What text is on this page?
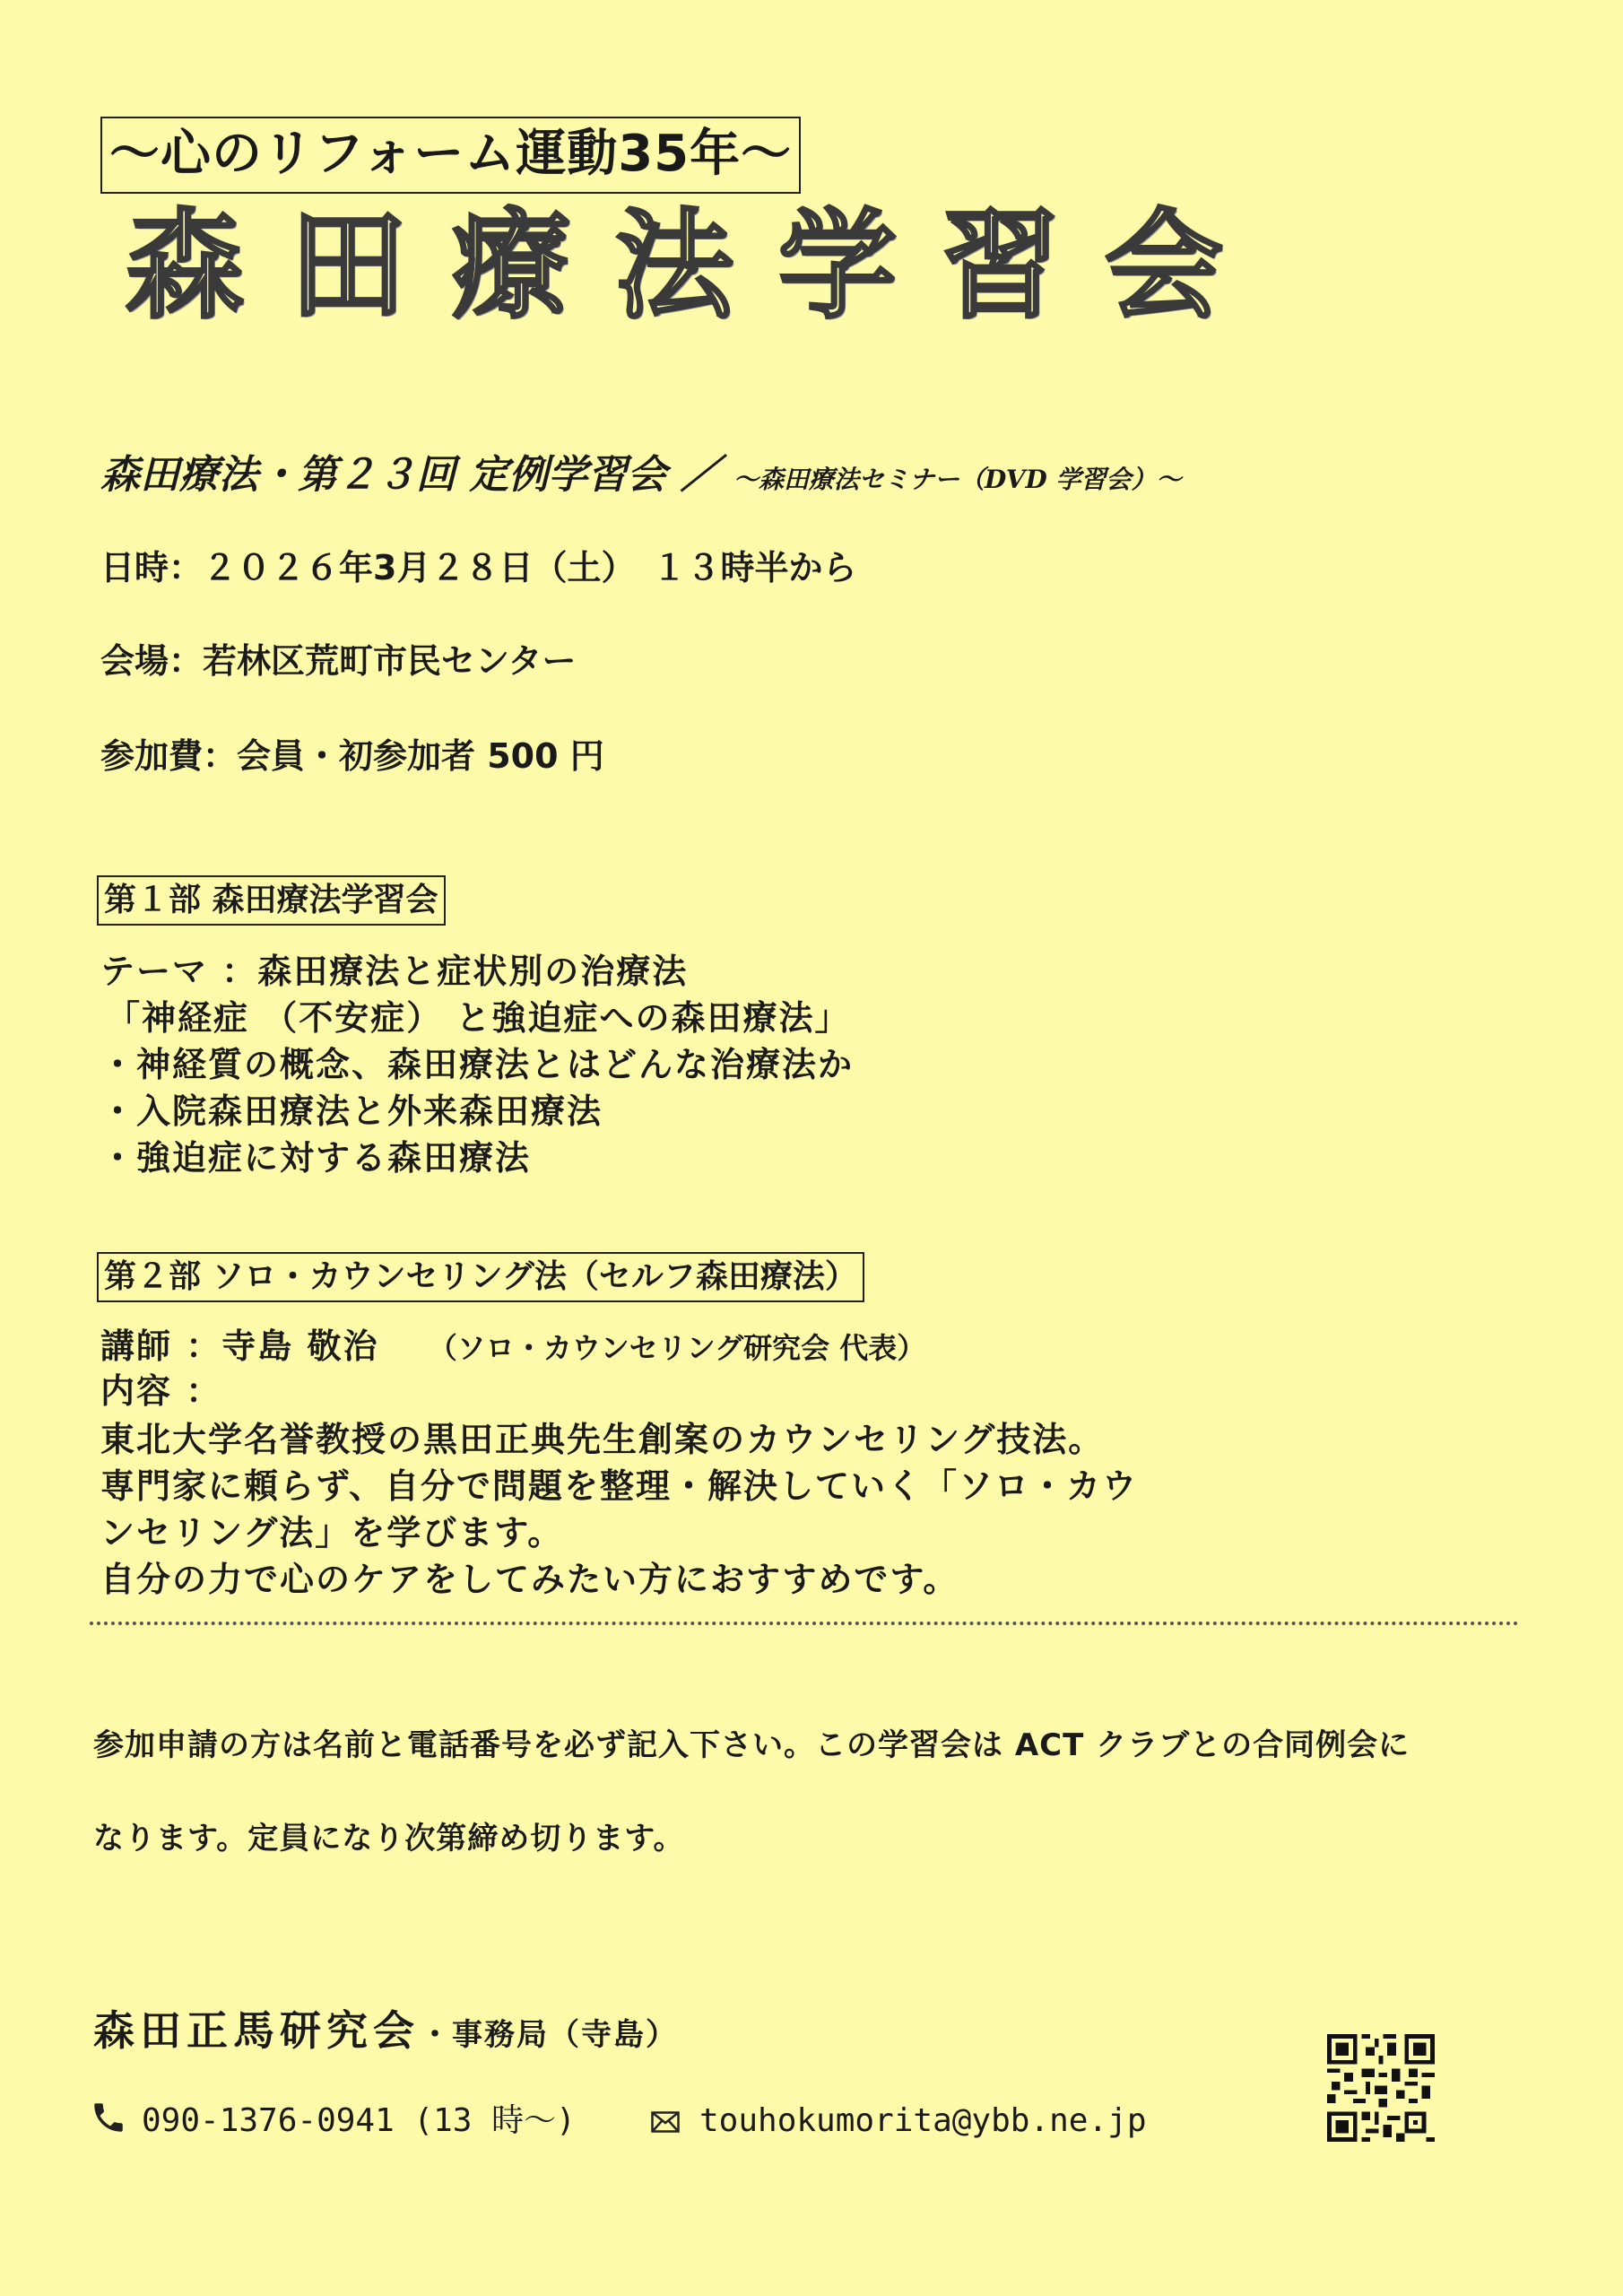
～心のリフォーム運動35年～
森田療法学習会
森田療法・第２３回 定例学習会 ／ ～森田療法セミナー（DVD 学習会）～
日時：２０２６年3月２８日（土）　１３時半から
会場：若林区荒町市民センター
参加費：会員・初参加者 500 円
第１部 森田療法学習会
テーマ ：森田療法と症状別の治療法
「神経症 （不安症） と強迫症への森田療法」
・神経質の概念、森田療法とはどんな治療法か
・入院森田療法と外来森田療法
・強迫症に対する森田療法
第２部 ソロ・カウンセリング法（セルフ森田療法）
講師 ：寺島 敬治 （ソロ・カウンセリング研究会 代表）
内容 ：
東北大学名誉教授の黒田正典先生創案のカウンセリング技法。
専門家に頼らず、自分で問題を整理・解決していく「ソロ・カウ
ンセリング法」を学びます。
自分の力で心のケアをしてみたい方におすすめです。
参加申請の方は名前と電話番号を必ず記入下さい。この学習会は ACT クラブとの合同例会に
なります。定員になり次第締め切ります。
森田正馬研究会・事務局（寺島）
090-1376-0941 (13 時～)	touhokumorita@ybb.ne.jp
